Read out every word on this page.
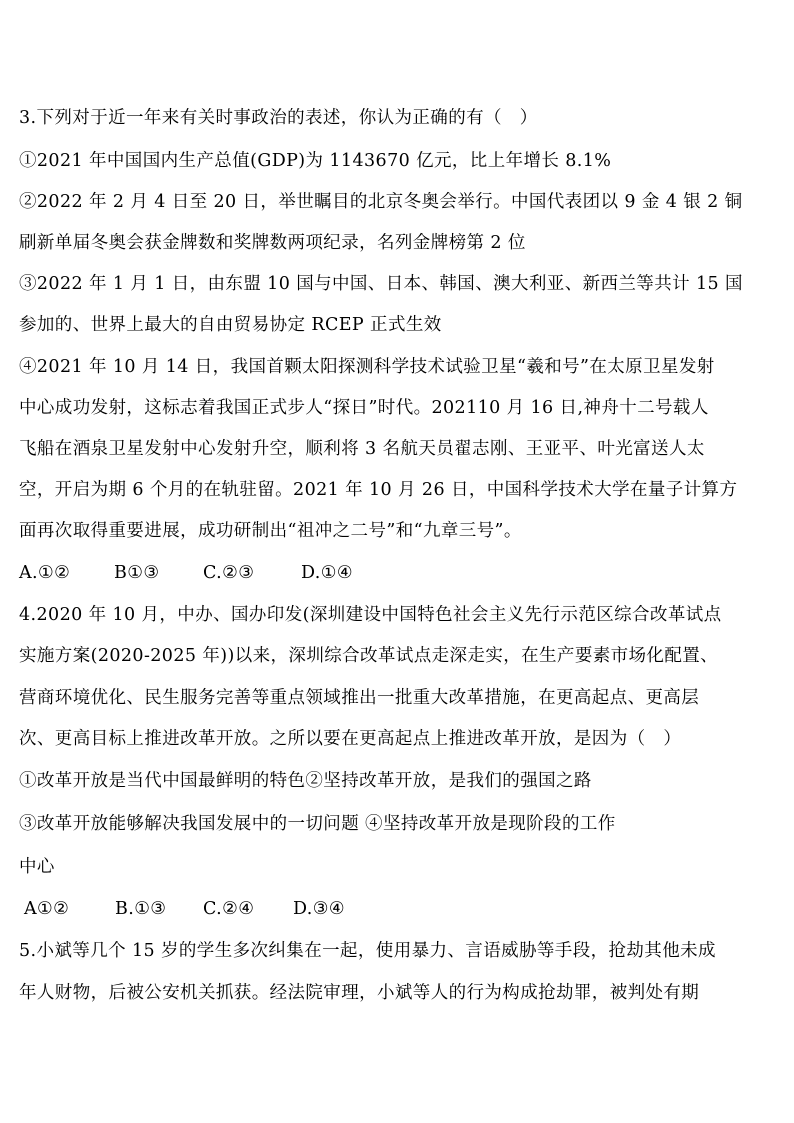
3.下列对于近一年来有关时事政治的表述，你认为正确的有（　）
①2021 年中国国内生产总值(GDP)为 1143670 亿元，比上年增长 8.1%
②2022 年 2 月 4 日至 20 日，举世瞩目的北京冬奥会举行。中国代表团以 9 金 4 银 2 铜
刷新单届冬奥会获金牌数和奖牌数两项纪录，名列金牌榜第 2 位
③2022 年 1 月 1 日，由东盟 10 国与中国、日本、韩国、澳大利亚、新西兰等共计 15 国
参加的、世界上最大的自由贸易协定 RCEP 正式生效
④2021 年 10 月 14 日，我国首颗太阳探测科学技术试验卫星“羲和号”在太原卫星发射
中心成功发射，这标志着我国正式步人“探日”时代。202110 月 16 日,神舟十二号载人
飞船在酒泉卫星发射中心发射升空，顺利将 3 名航天员翟志刚、王亚平、叶光富送人太
空，开启为期 6 个月的在轨驻留。2021 年 10 月 26 日，中国科学技术大学在量子计算方
面再次取得重要进展，成功研制出“祖冲之二号”和“九章三号”。
A.①②	B①③ C.②③	D.①④
4.2020 年 10 月，中办、国办印发(深圳建设中国特色社会主义先行示范区综合改革试点
实施方案(2020-2025 年))以来，深圳综合改革试点走深走实，在生产要素市场化配置、
营商环境优化、民生服务完善等重点领域推出一批重大改革措施，在更高起点、更高层
次、更高目标上推进改革开放。之所以要在更高起点上推进改革开放，是因为（　）
①改革开放是当代中国最鲜明的特色②坚持改革开放，是我们的强国之路
③改革开放能够解决我国发展中的一切问题 ④坚持改革开放是现阶段的工作
中心
A①②	B.①③ C.②④ D.③④
5.小斌等几个 15 岁的学生多次纠集在一起，使用暴力、言语威胁等手段，抢劫其他未成
年人财物，后被公安机关抓获。经法院审理，小斌等人的行为构成抢劫罪，被判处有期
